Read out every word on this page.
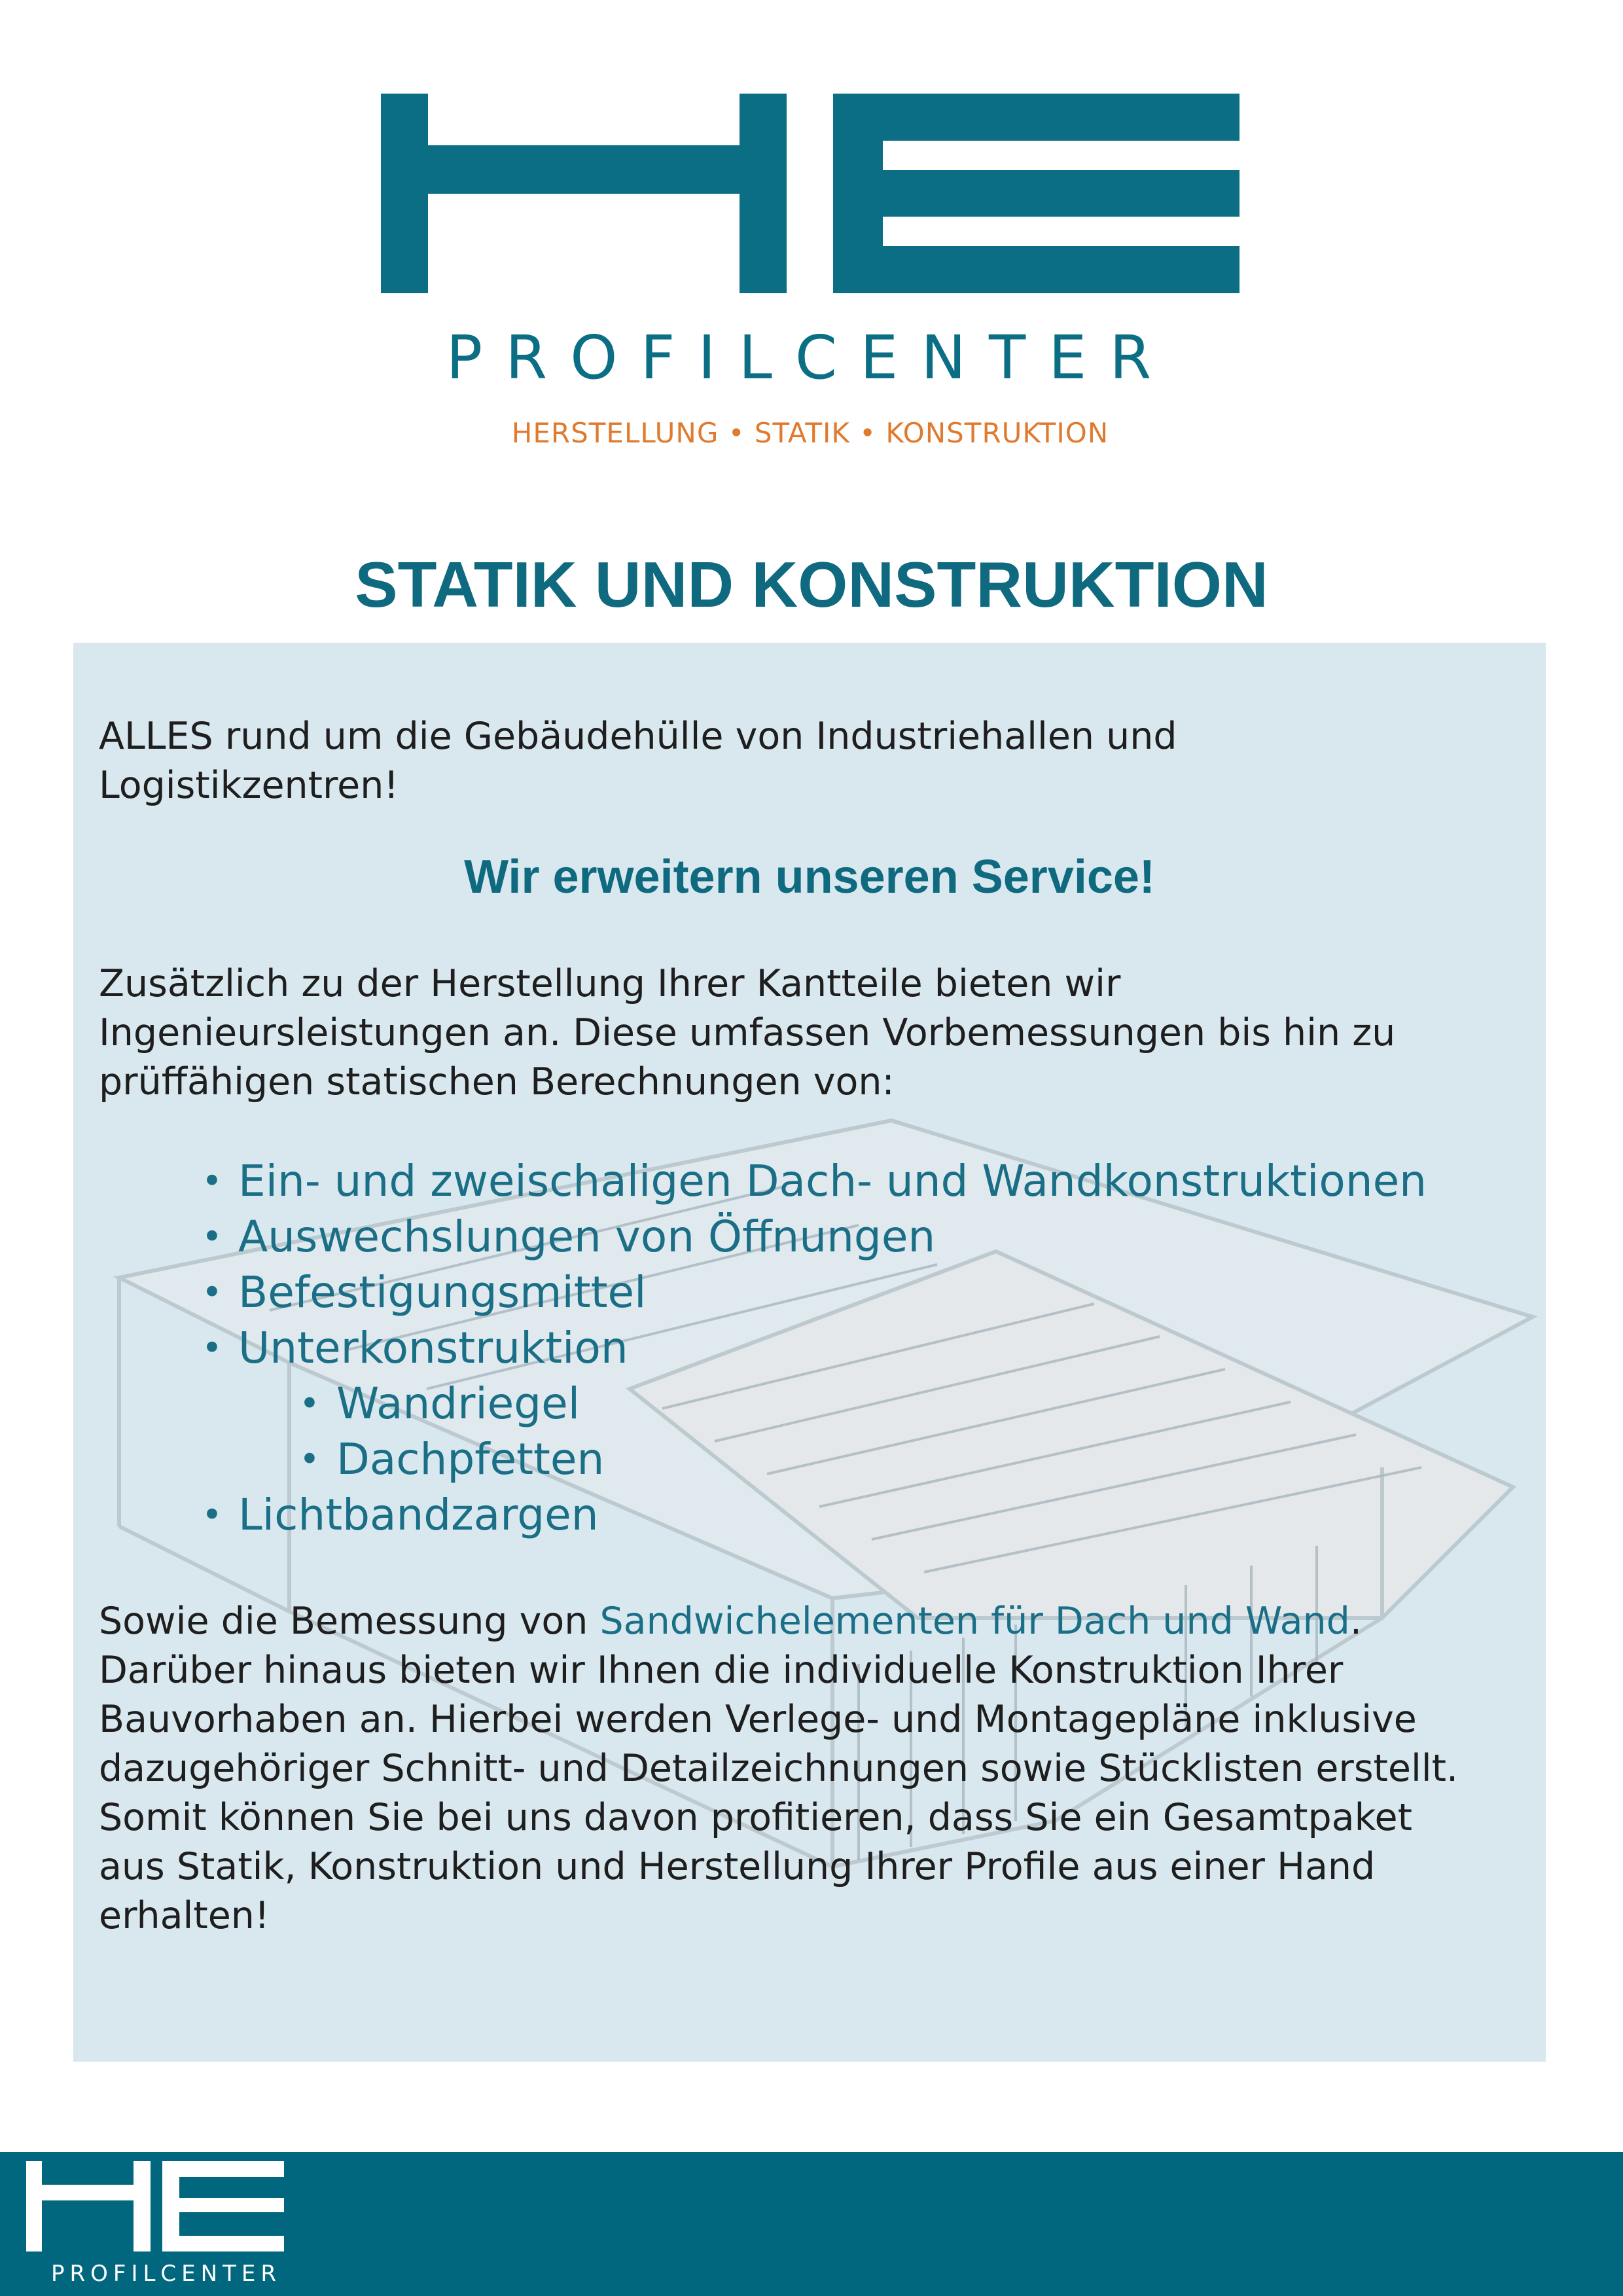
PROFILCENTER
HERSTELLUNG • STATIK • KONSTRUKTION
STATIK UND KONSTRUKTION
ALLES rund um die Gebäudehülle von Industriehallen und
Logistikzentren!
Wir erweitern unseren Service!
Zusätzlich zu der Herstellung Ihrer Kantteile bieten wir
Ingenieursleistungen an. Diese umfassen Vorbemessungen bis hin zu
prüffähigen statischen Berechnungen von:
• Ein- und zweischaligen Dach- und Wandkonstruktionen
• Auswechslungen von Öffnungen
• Befestigungsmittel
• Unterkonstruktion
• Wandriegel
• Dachpfetten
• Lichtbandzargen
Sowie die Bemessung von Sandwichelementen für Dach und Wand.
Darüber hinaus bieten wir Ihnen die individuelle Konstruktion Ihrer
Bauvorhaben an. Hierbei werden Verlege- und Montagepläne inklusive
dazugehöriger Schnitt- und Detailzeichnungen sowie Stücklisten erstellt.
Somit können Sie bei uns davon profitieren, dass Sie ein Gesamtpaket
aus Statik, Konstruktion und Herstellung Ihrer Profile aus einer Hand
erhalten!
PROFILCENTER
